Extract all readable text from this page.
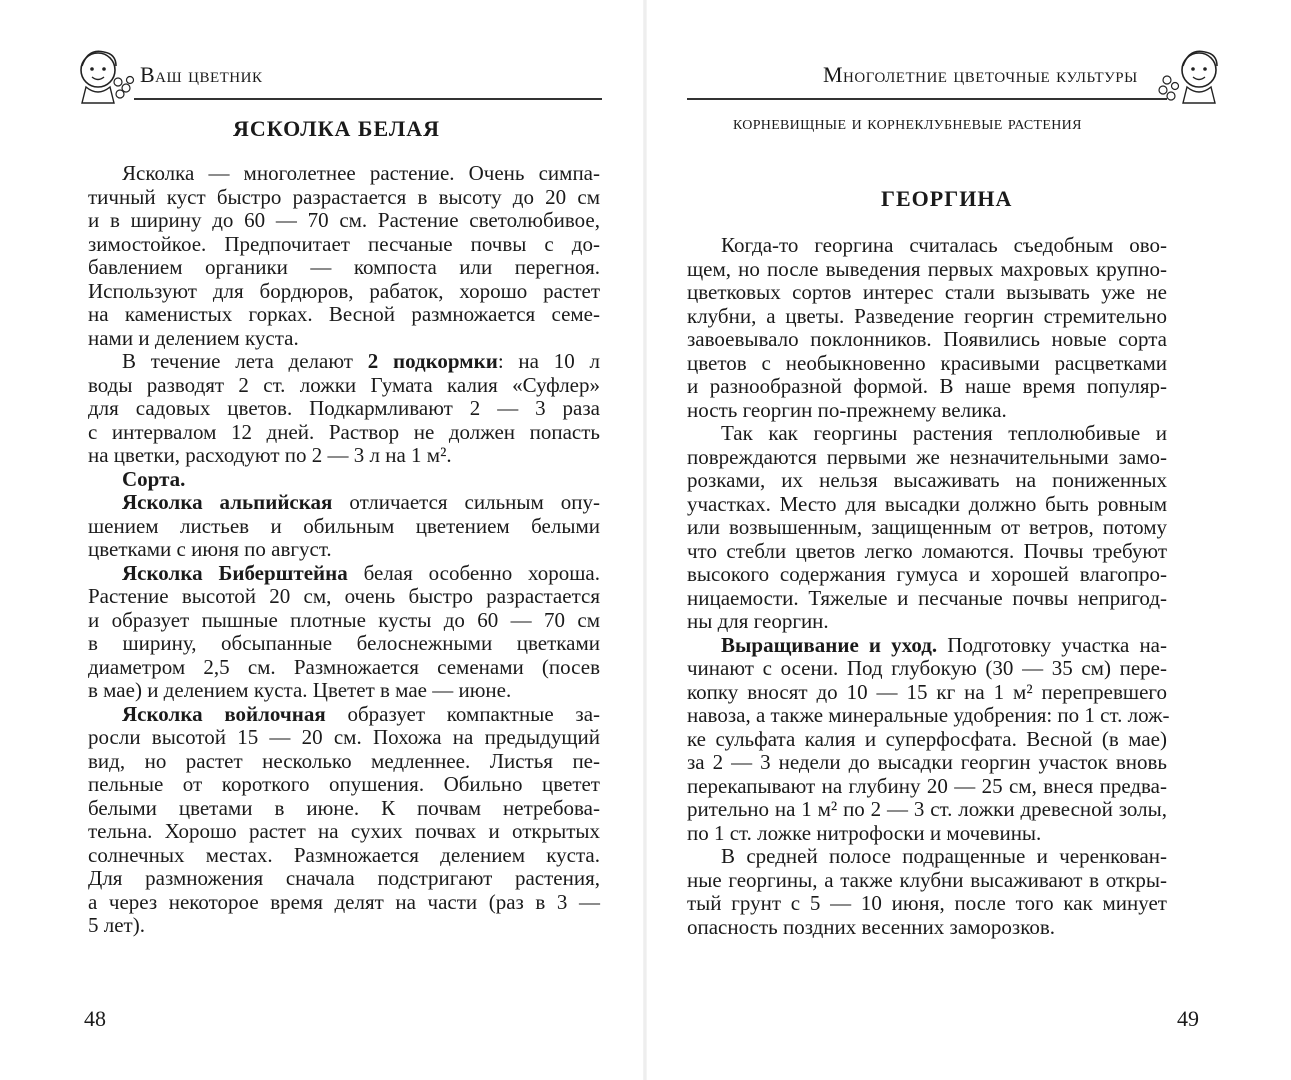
Ваш цветник
ЯСКОЛКА БЕЛАЯ
Ясколка — многолетнее растение. Очень симпа-
тичный куст быстро разрастается в высоту до 20 см
и в ширину до 60 — 70 см. Растение светолюбивое,
зимостойкое. Предпочитает песчаные почвы с до-
бавлением органики — компоста или перегноя.
Используют для бордюров, рабаток, хорошо растет
на каменистых горках. Весной размножается семе-
нами и делением куста.
В течение лета делают 2 подкормки: на 10 л
воды разводят 2 ст. ложки Гумата калия «Суфлер»
для садовых цветов. Подкармливают 2 — 3 раза
с интервалом 12 дней. Раствор не должен попасть
на цветки, расходуют по 2 — 3 л на 1 м².
Сорта.
Ясколка альпийская отличается сильным опу-
шением листьев и обильным цветением белыми
цветками с июня по август.
Ясколка Биберштейна белая особенно хороша.
Растение высотой 20 см, очень быстро разрастается
и образует пышные плотные кусты до 60 — 70 см
в ширину, обсыпанные белоснежными цветками
диаметром 2,5 см. Размножается семенами (посев
в мае) и делением куста. Цветет в мае — июне.
Ясколка войлочная образует компактные за-
росли высотой 15 — 20 см. Похожа на предыдущий
вид, но растет несколько медленнее. Листья пе-
пельные от короткого опушения. Обильно цветет
белыми цветами в июне. К почвам нетребова-
тельна. Хорошо растет на сухих почвах и открытых
солнечных местах. Размножается делением куста.
Для размножения сначала подстригают растения,
а через некоторое время делят на части (раз в 3 —
5 лет).
48
Многолетние цветочные культуры
корневищные и корнеклубневые растения
ГЕОРГИНА
Когда-то георгина считалась съедобным ово-
щем, но после выведения первых махровых крупно-
цветковых сортов интерес стали вызывать уже не
клубни, а цветы. Разведение георгин стремительно
завоевывало поклонников. Появились новые сорта
цветов с необыкновенно красивыми расцветками
и разнообразной формой. В наше время популяр-
ность георгин по-прежнему велика.
Так как георгины растения теплолюбивые и
повреждаются первыми же незначительными замо-
розками, их нельзя высаживать на пониженных
участках. Место для высадки должно быть ровным
или возвышенным, защищенным от ветров, потому
что стебли цветов легко ломаются. Почвы требуют
высокого содержания гумуса и хорошей влагопро-
ницаемости. Тяжелые и песчаные почвы непригод-
ны для георгин.
Выращивание и уход. Подготовку участка на-
чинают с осени. Под глубокую (30 — 35 см) пере-
копку вносят до 10 — 15 кг на 1 м² перепревшего
навоза, а также минеральные удобрения: по 1 ст. лож-
ке сульфата калия и суперфосфата. Весной (в мае)
за 2 — 3 недели до высадки георгин участок вновь
перекапывают на глубину 20 — 25 см, внеся предва-
рительно на 1 м² по 2 — 3 ст. ложки древесной золы,
по 1 ст. ложке нитрофоски и мочевины.
В средней полосе подращенные и черенкован-
ные георгины, а также клубни высаживают в откры-
тый грунт с 5 — 10 июня, после того как минует
опасность поздних весенних заморозков.
49
